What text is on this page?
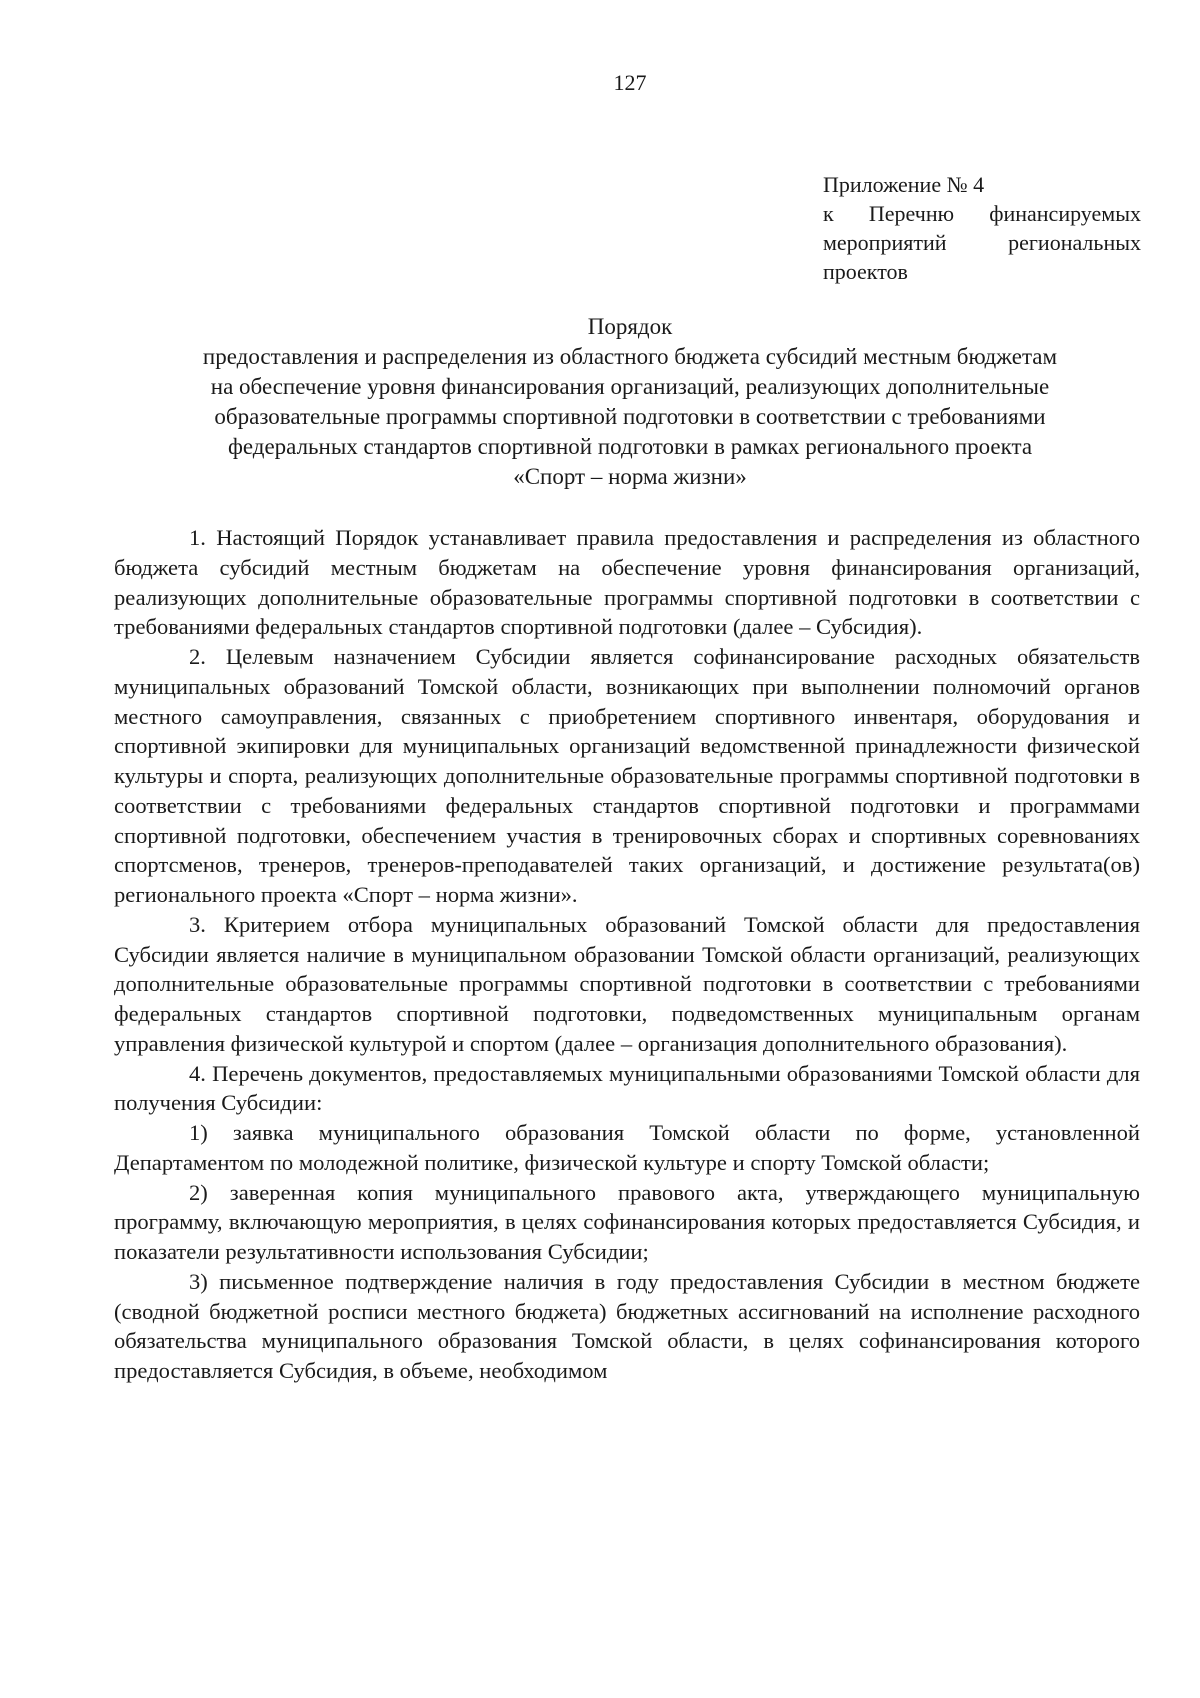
127
Приложение № 4
к Перечню финансируемых
мероприятий региональных
проектов
Порядок
предоставления и распределения из областного бюджета субсидий местным бюджетам
на обеспечение уровня финансирования организаций, реализующих дополнительные
образовательные программы спортивной подготовки в соответствии с требованиями
федеральных стандартов спортивной подготовки в рамках регионального проекта
«Спорт – норма жизни»

1. Настоящий Порядок устанавливает правила предоставления и распределения из областного бюджета субсидий местным бюджетам на обеспечение уровня финансирования организаций, реализующих дополнительные образовательные программы спортивной подготовки в соответствии с требованиями федеральных стандартов спортивной подготовки (далее – Субсидия).

2. Целевым назначением Субсидии является софинансирование расходных обязательств муниципальных образований Томской области, возникающих при выполнении полномочий органов местного самоуправления, связанных с приобретением спортивного инвентаря, оборудования и спортивной экипировки для муниципальных организаций ведомственной принадлежности физической культуры и спорта, реализующих дополнительные образовательные программы спортивной подготовки в соответствии с требованиями федеральных стандартов спортивной подготовки и программами спортивной подготовки, обеспечением участия в тренировочных сборах и спортивных соревнованиях спортсменов, тренеров, тренеров-преподавателей таких организаций, и достижение результата(ов) регионального проекта «Спорт – норма жизни».

3. Критерием отбора муниципальных образований Томской области для предоставления Субсидии является наличие в муниципальном образовании Томской области организаций, реализующих дополнительные образовательные программы спортивной подготовки в соответствии с требованиями федеральных стандартов спортивной подготовки, подведомственных муниципальным органам управления физической культурой и спортом (далее – организация дополнительного образования).

4. Перечень документов, предоставляемых муниципальными образованиями Томской области для получения Субсидии:

1) заявка муниципального образования Томской области по форме, установленной Департаментом по молодежной политике, физической культуре и спорту Томской области;

2) заверенная копия муниципального правового акта, утверждающего муниципальную программу, включающую мероприятия, в целях софинансирования которых предоставляется Субсидия, и показатели результативности использования Субсидии;

3) письменное подтверждение наличия в году предоставления Субсидии в местном бюджете (сводной бюджетной росписи местного бюджета) бюджетных ассигнований на исполнение расходного обязательства муниципального образования Томской области, в целях софинансирования которого предоставляется Субсидия, в объеме, необходимом
